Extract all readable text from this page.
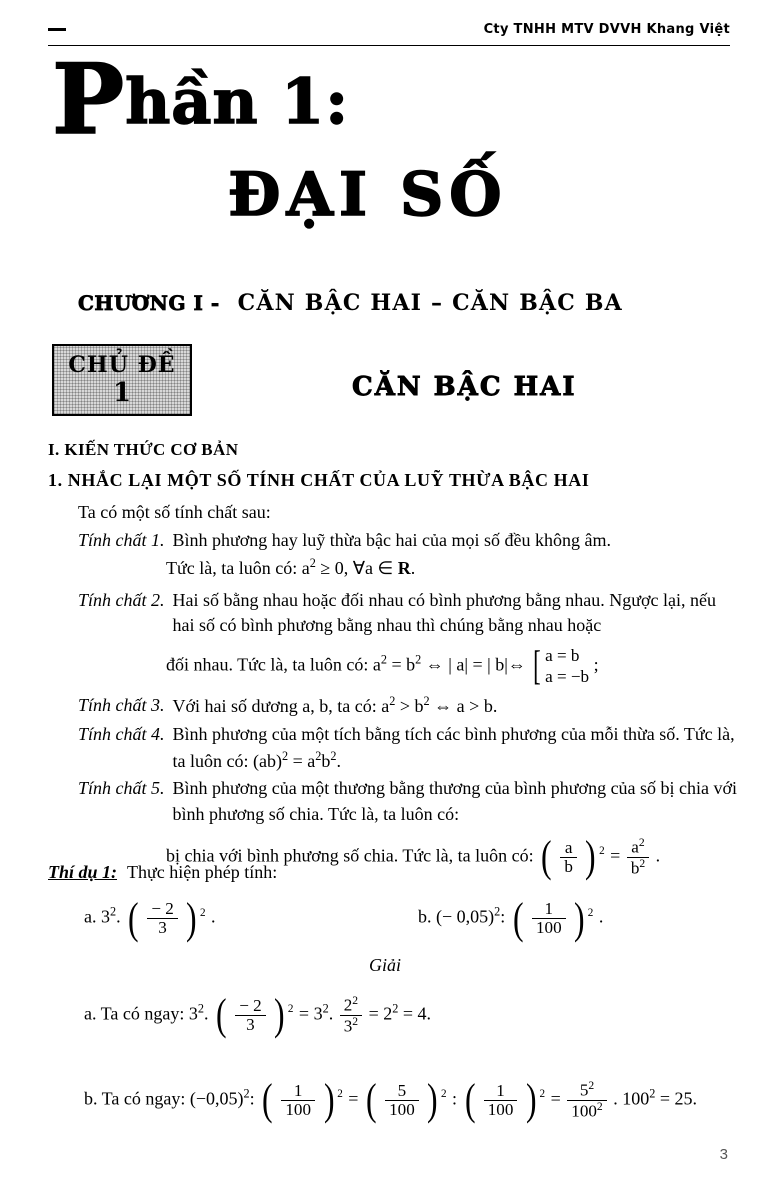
Cty TNHH MTV DVVH Khang Việt
Phần 1:
ĐẠI SỐ
CHƯƠNG I - CĂN BẬC HAI – CĂN BẬC BA
CHỦ ĐỀ
1	CĂN BẬC HAI
I. KIẾN THỨC CƠ BẢN
1. NHẮC LẠI MỘT SỐ TÍNH CHẤT CỦA LUỸ THỪA BẬC HAI

Ta có một số tính chất sau:

Tính chất 1. Bình phương hay luỹ thừa bậc hai của mọi số đều không âm.
Tức là, ta luôn có: $a^2 \ge 0$, ∀a ∈ R.
Tính chất 2. Hai số bằng nhau hoặc đối nhau có bình phương bằng nhau. Ngược lại, nếu hai số có bình phương bằng nhau thì chúng bằng nhau hoặc
đối nhau. Tức là, ta luôn có: $a^2 = b^2$ ⇔ | a| = | b|⇔ [ a = b
a = −b
;
Tính chất 3. Với hai số dương a, b, ta có: $a^2 > b^2$ ⇔ a > b.
Tính chất 4. Bình phương của một tích bằng tích các bình phương của mỗi thừa số. Tức là, ta luôn có: $(ab)^2 = a^2b^2$.
Tính chất 5. Bình phương của một thương bằng thương của bình phương của số bị chia với bình phương số chia. Tức là, ta luôn có:
bị chia với bình phương số chia. Tức là, ta luôn có: ( $\frac{a}{b}$ ) $^2 = \frac{a^2}{b^2}$ .
Thí dụ 1: Thực hiện phép tính:
a. $3^2$. ( $\frac{- 2}{3}$ ) $^2$ .	b. (− 0,05)$^2$: ( $\frac{1}{100}$ ) $^2$ .
Giải
a. Ta có ngay: $3^2$. ( $\frac{- 2}{3}$ ) $^2 = 3^2$. $\frac{2^2}{3^2} = 2^2 = 4$.
b. Ta có ngay: $(-0,05)^2$: ( $\frac{1}{100}$ ) $^2$ = ( $\frac{5}{100}$ ) $^2$ : ( $\frac{1}{100}$ ) $^2 = \frac{5^2}{100^2}$ . $100^2 = 25$.
3
